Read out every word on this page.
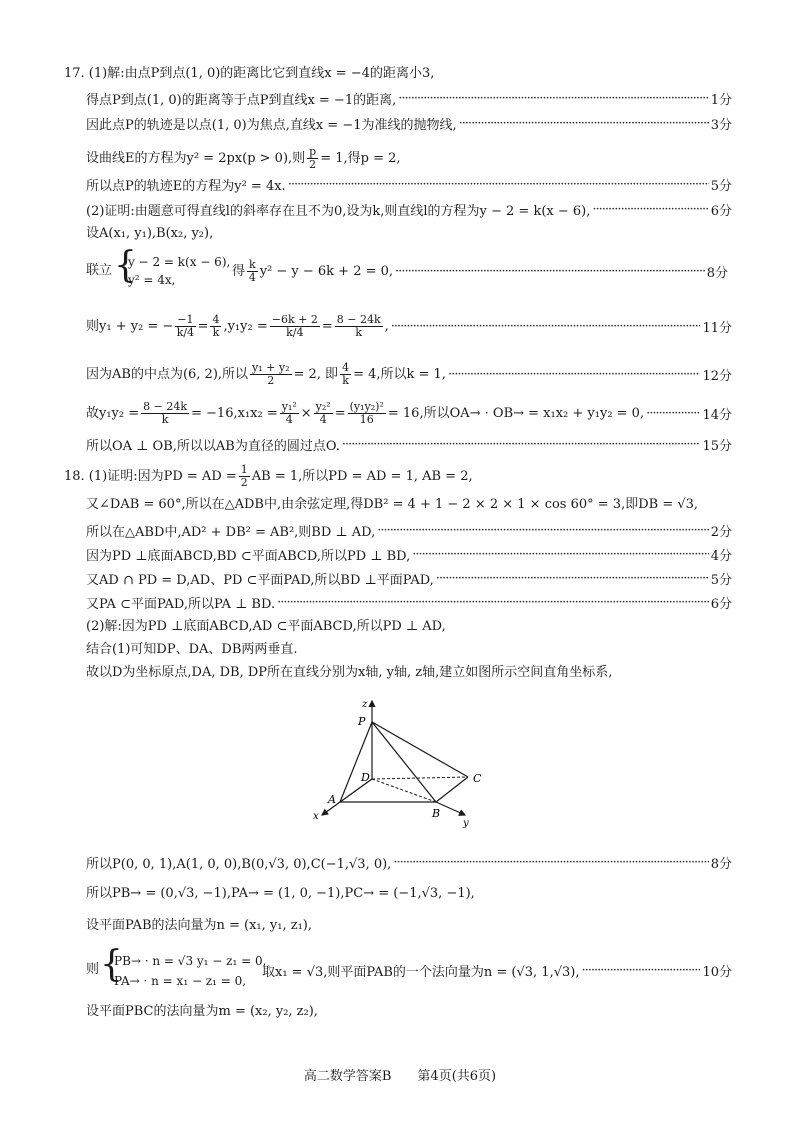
17. (1)解:由点P到点(1, 0)的距离比它到直线x = −4的距离小3,
得点P到点(1, 0)的距离等于点P到直线x = −1的距离, ·····	1分
因此点P的轨迹是以点(1, 0)为焦点,直线x = −1为准线的抛物线, ·····	3分
设曲线E的方程为y² = 2px(p > 0),则 $\frac{p}{2} = 1$,得p = 2,
所以点P的轨迹E的方程为y² = 4x. ·····	5分
(2)证明:由题意可得直线l的斜率存在且不为0,设为k,则直线l的方程为y − 2 = k(x − 6), ·····	6分
设A(x₁, y₁),B(x₂, y₂),
联立 {
y − 2 = k(x − 6),
y² = 4x,
得 $\frac{k}{4} y^2 - y - 6k + 2 = 0$, ·····	8分
则y₁ + y₂ = − $\frac{-1}{k/4} = \frac{4}{k} ,y_1y_2 = \frac{-6k + 2}{k/4} = \frac{8 - 24k}{k}$ , ·····	11分
因为AB的中点为(6, 2),所以 $\frac{\text{y₁ + y₂}}{2} = 2$, 即 $\frac{4}{k} = 4$,所以k = 1, ·····	12分
故$y_1y_2 = \frac{8 - 24k}{k} = -16,x_1x_2 = \frac{\text{y₁²}}{4} \times \frac{\text{y₂²}}{4} = \frac{\text{(y₁y₂)²}}{16} = 16$,所以OA→ · OB→ = x₁x₂ + y₁y₂ = 0, ·····	14分
所以OA ⊥ OB,所以以AB为直径的圆过点O. ·····	15分
18. (1)证明:因为PD = AD = $\frac{1}{2}$ AB = 1,所以PD = AD = 1, AB = 2,
又∠DAB = 60°,所以在△ADB中,由余弦定理,得DB² = 4 + 1 − 2 × 2 × 1 × cos 60° = 3,即DB = √3,
所以在△ABD中,AD² + DB² = AB²,则BD ⊥ AD, ·····	2分
因为PD ⊥底面ABCD,BD ⊂平面ABCD,所以PD ⊥ BD, ·····	4分
又AD ∩ PD = D,AD、PD ⊂平面PAD,所以BD ⊥平面PAD, ·····	5分
又PA ⊂平面PAD,所以PA ⊥ BD. ·····	6分
(2)解:因为PD ⊥底面ABCD,AD ⊂平面ABCD,所以PD ⊥ AD,
结合(1)可知DP、DA、DB两两垂直.
故以D为坐标原点,DA, DB, DP所在直线分别为x轴, y轴, z轴,建立如图所示空间直角坐标系,
z
P
D
A
B
C
x
y
所以P(0, 0, 1),A(1, 0, 0),B(0,√3, 0),C(−1,√3, 0), ·····	8分
所以PB→ = (0,√3, −1),PA→ = (1, 0, −1),PC→ = (−1,√3, −1),
设平面PAB的法向量为n = (x₁, y₁, z₁),
则 {
PB→ · n = √3 y₁ − z₁ = 0,
PA→ · n = x₁ − z₁ = 0,
取x₁ = √3,则平面PAB的一个法向量为n = (√3, 1,√3), ·····	10分
设平面PBC的法向量为m = (x₂, y₂, z₂),
高二数学答案B　　第4页(共6页)
